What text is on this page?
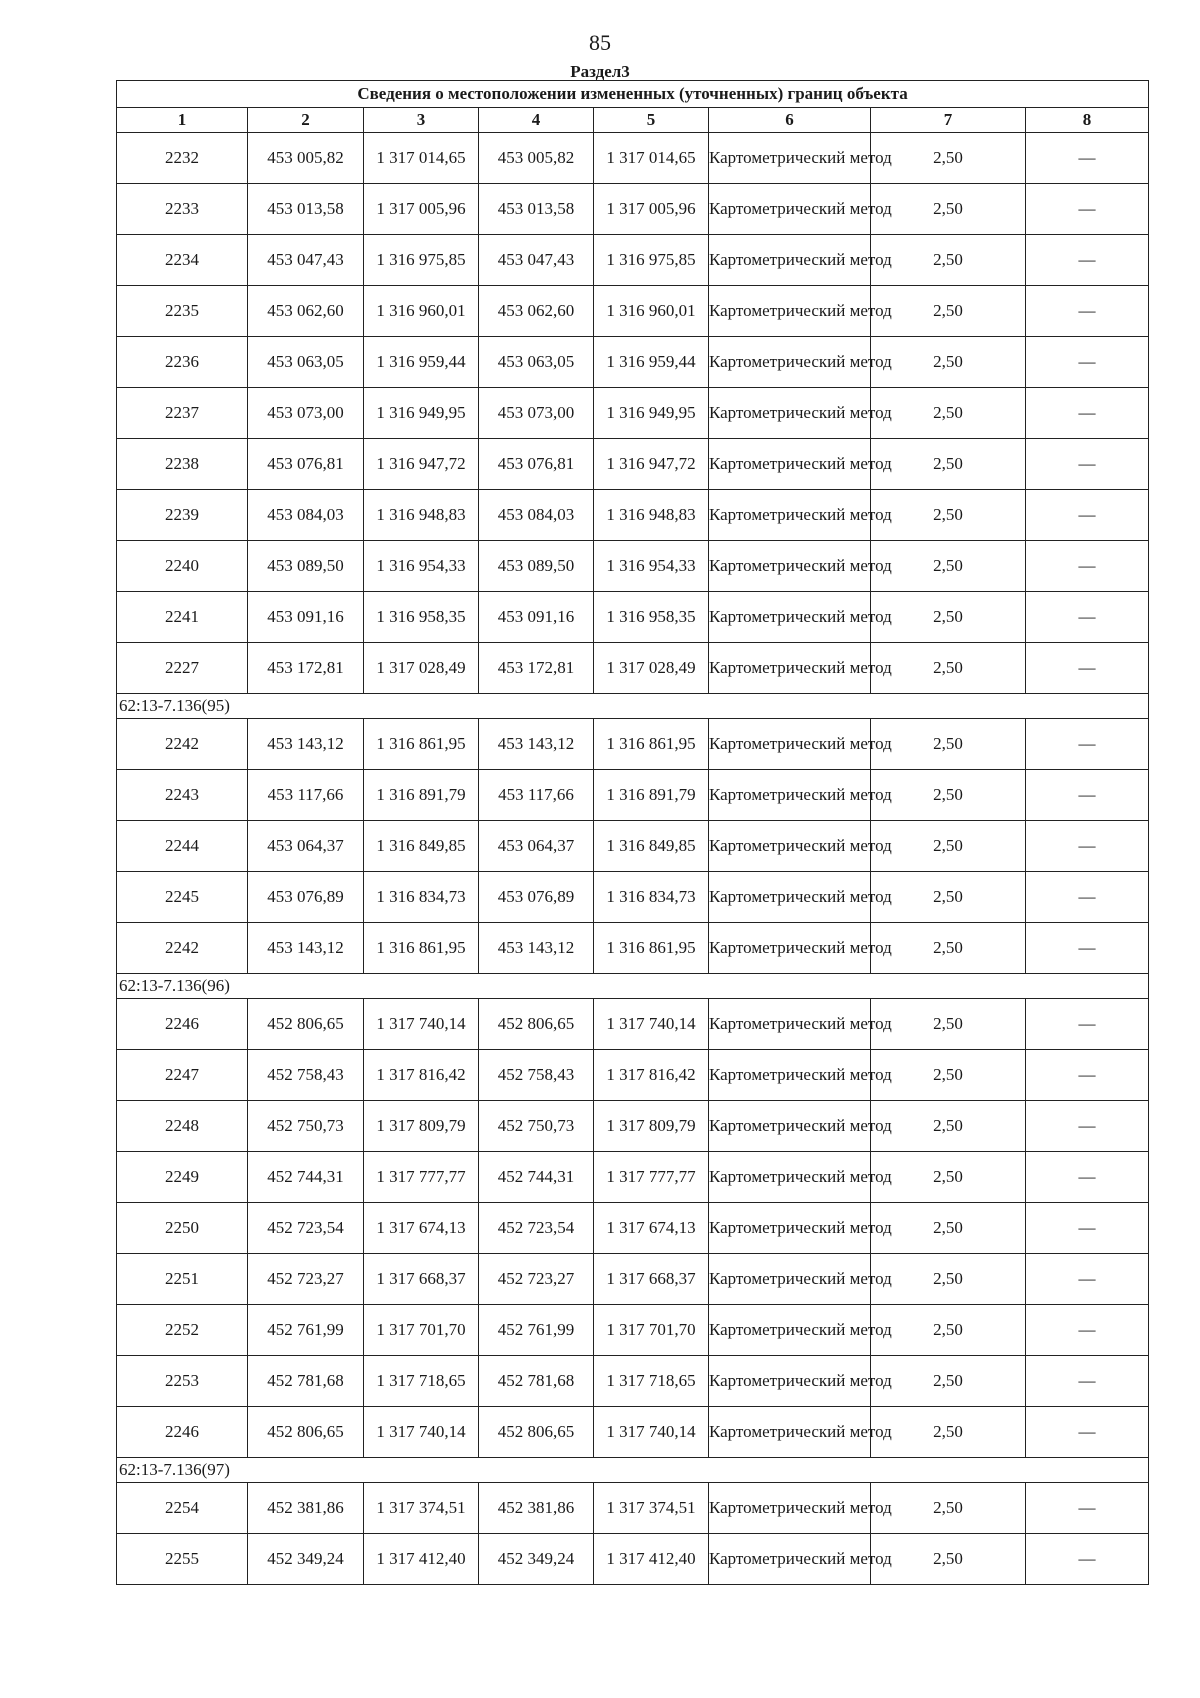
85
Раздел3
Сведения о местоположении измененных (уточненных) границ объекта							
1	2	3	4	5	6	7	8
2232	453 005,82	1 317 014,65	453 005,82	1 317 014,65	Картометрический метод	2,50	—
2233	453 013,58	1 317 005,96	453 013,58	1 317 005,96	Картометрический метод	2,50	—
2234	453 047,43	1 316 975,85	453 047,43	1 316 975,85	Картометрический метод	2,50	—
2235	453 062,60	1 316 960,01	453 062,60	1 316 960,01	Картометрический метод	2,50	—
2236	453 063,05	1 316 959,44	453 063,05	1 316 959,44	Картометрический метод	2,50	—
2237	453 073,00	1 316 949,95	453 073,00	1 316 949,95	Картометрический метод	2,50	—
2238	453 076,81	1 316 947,72	453 076,81	1 316 947,72	Картометрический метод	2,50	—
2239	453 084,03	1 316 948,83	453 084,03	1 316 948,83	Картометрический метод	2,50	—
2240	453 089,50	1 316 954,33	453 089,50	1 316 954,33	Картометрический метод	2,50	—
2241	453 091,16	1 316 958,35	453 091,16	1 316 958,35	Картометрический метод	2,50	—
2227	453 172,81	1 317 028,49	453 172,81	1 317 028,49	Картометрический метод	2,50	—
62:13-7.136(95)							
2242	453 143,12	1 316 861,95	453 143,12	1 316 861,95	Картометрический метод	2,50	—
2243	453 117,66	1 316 891,79	453 117,66	1 316 891,79	Картометрический метод	2,50	—
2244	453 064,37	1 316 849,85	453 064,37	1 316 849,85	Картометрический метод	2,50	—
2245	453 076,89	1 316 834,73	453 076,89	1 316 834,73	Картометрический метод	2,50	—
2242	453 143,12	1 316 861,95	453 143,12	1 316 861,95	Картометрический метод	2,50	—
62:13-7.136(96)							
2246	452 806,65	1 317 740,14	452 806,65	1 317 740,14	Картометрический метод	2,50	—
2247	452 758,43	1 317 816,42	452 758,43	1 317 816,42	Картометрический метод	2,50	—
2248	452 750,73	1 317 809,79	452 750,73	1 317 809,79	Картометрический метод	2,50	—
2249	452 744,31	1 317 777,77	452 744,31	1 317 777,77	Картометрический метод	2,50	—
2250	452 723,54	1 317 674,13	452 723,54	1 317 674,13	Картометрический метод	2,50	—
2251	452 723,27	1 317 668,37	452 723,27	1 317 668,37	Картометрический метод	2,50	—
2252	452 761,99	1 317 701,70	452 761,99	1 317 701,70	Картометрический метод	2,50	—
2253	452 781,68	1 317 718,65	452 781,68	1 317 718,65	Картометрический метод	2,50	—
2246	452 806,65	1 317 740,14	452 806,65	1 317 740,14	Картометрический метод	2,50	—
62:13-7.136(97)							
2254	452 381,86	1 317 374,51	452 381,86	1 317 374,51	Картометрический метод	2,50	—
2255	452 349,24	1 317 412,40	452 349,24	1 317 412,40	Картометрический метод	2,50	—
